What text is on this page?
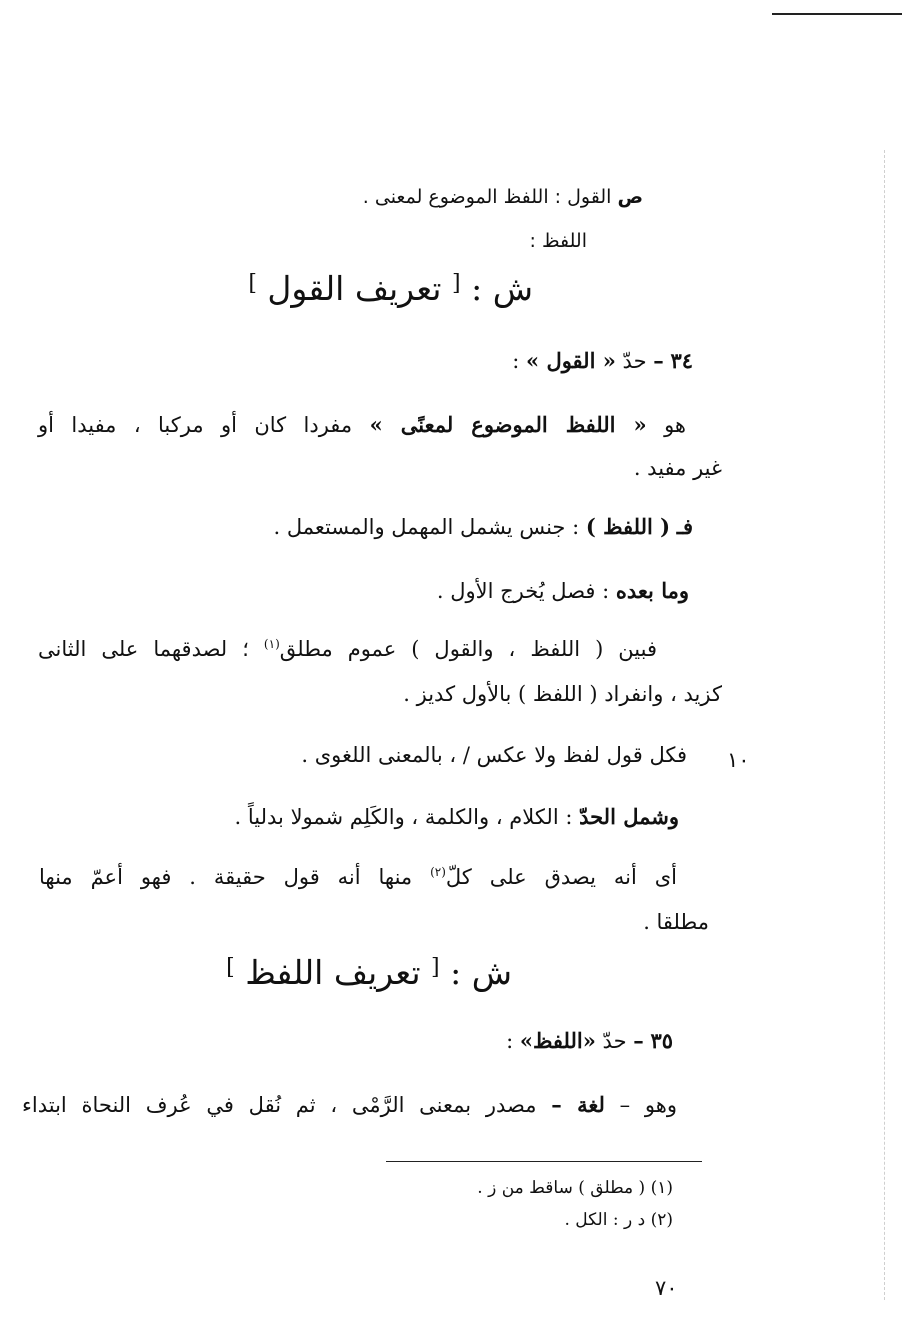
ص القول : اللفظ الموضوع لمعنى .
اللفظ :
ش : [ تعريف القول ]
٣٤ – حدّ « القول » :
هو « اللفظ الموضوع لمعنًى » مفردا كان أو مركبا ، مفيدا أو
غير مفيد .
فـ ( اللفظ ) : جنس يشمل المهمل والمستعمل .
وما بعده : فصل يُخرج الأول .
فبين ( اللفظ ، والقول ) عموم مطلق$^{(١)}$ ؛ لصدقهما على الثانى
كزيد ، وانفراد ( اللفظ ) بالأول كديز .
فكل قول لفظ ولا عكس / ، بالمعنى اللغوى . ١٠
وشمل الحدّ : الكلام ، والكلمة ، والكَلِم شمولا بدلياً .
أى أنه يصدق على كلّ$^{(٢)}$ منها أنه قول حقيقة . فهو أعمّ منها
مطلقا .
ش : [ تعريف اللفظ ]
٣٥ – حدّ «اللفظ» :
وهو – لغة – مصدر بمعنى الرَّمْى ، ثم نُقل في عُرف النحاة ابتداء
(١) ( مطلق ) ساقط من ز .
(٢) د ر : الكل .
٧٠
